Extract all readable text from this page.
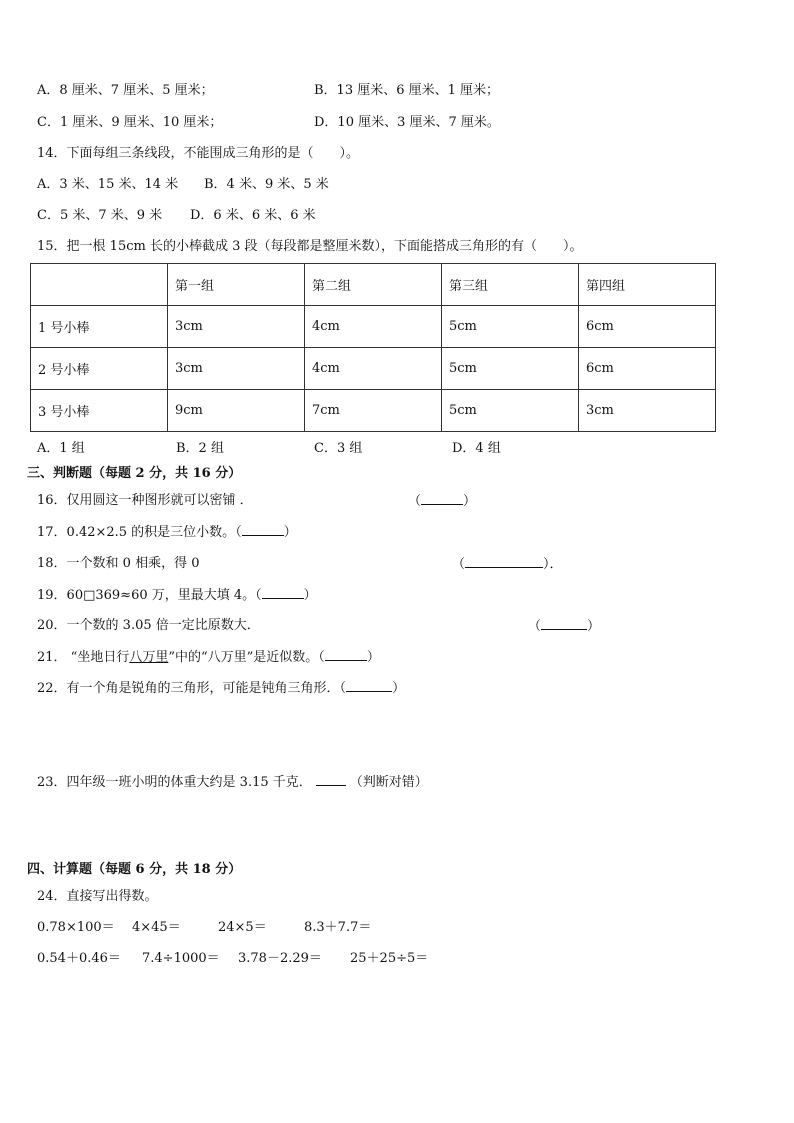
A．8 厘米、7 厘米、5 厘米；	B．13 厘米、6 厘米、1 厘米；
C．1 厘米、9 厘米、10 厘米；	D．10 厘米、3 厘米、7 厘米。
14．下面每组三条线段，不能围成三角形的是（　　）。
A．3 米、15 米、14 米 B．4 米、9 米、5 米
C．5 米、7 米、9 米 D．6 米、6 米、6 米
15．把一根 15cm 长的小棒截成 3 段（每段都是整厘米数），下面能搭成三角形的有（　　）。
	第一组	第二组	第三组	第四组
1 号小棒	3cm	4cm	5cm	6cm
2 号小棒	3cm	4cm	5cm	6cm
3 号小棒	9cm	7cm	5cm	3cm
A．1 组	B．2 组	C．3 组	D．4 组
三、判断题（每题 2 分，共 16 分）
16．仅用圆这一种图形就可以密铺 ．	（	）
17．0.42×2.5 的积是三位小数。（	）
18．一个数和 0 相乘，得 0	（	）．
19．60□369≈60 万，里最大填 4。（	）
20．一个数的 3.05 倍一定比原数大．	（	）
21． “坐地日行八万里”中的“八万里”是近似数。（	）
22．有一个角是锐角的三角形，可能是钝角三角形．（	）
23．四年级一班小明的体重大约是 3.15 千克．	（判断对错）
四、计算题（每题 6 分，共 18 分）
24．直接写出得数。
0.78×100＝ 4×45＝	24×5＝	8.3＋7.7＝
0.54＋0.46＝ 7.4÷1000＝ 3.78－2.29＝ 25＋25÷5＝
